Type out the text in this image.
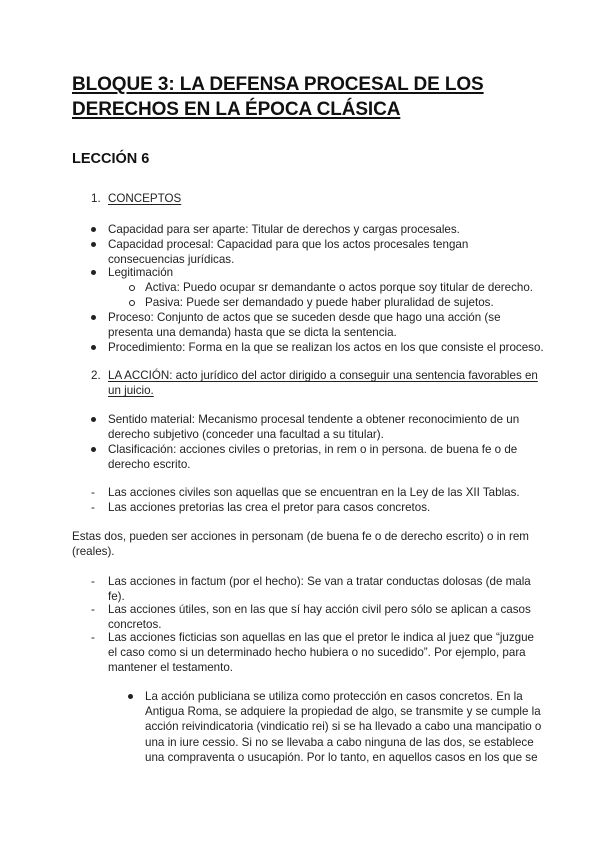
BLOQUE 3: LA DEFENSA PROCESAL DE LOS DERECHOS EN LA ÉPOCA CLÁSICA
LECCIÓN 6
1. CONCEPTOS
Capacidad para ser aparte: Titular de derechos y cargas procesales.
Capacidad procesal: Capacidad para que los actos procesales tengan
consecuencias jurídicas.
Legitimación
Activa: Puedo ocupar sr demandante o actos porque soy titular de derecho.
Pasiva: Puede ser demandado y puede haber pluralidad de sujetos.
Proceso: Conjunto de actos que se suceden desde que hago una acción (se
presenta una demanda) hasta que se dicta la sentencia.
Procedimiento: Forma en la que se realizan los actos en los que consiste el proceso.
2. LA ACCIÓN: acto jurídico del actor dirigido a conseguir una sentencia favorables en
un juicio.
Sentido material: Mecanismo procesal tendente a obtener reconocimiento de un
derecho subjetivo (conceder una facultad a su titular).
Clasificación: acciones civiles o pretorias, in rem o in persona. de buena fe o de
derecho escrito.
- Las acciones civiles son aquellas que se encuentran en la Ley de las XII Tablas.
- Las acciones pretorias las crea el pretor para casos concretos.
Estas dos, pueden ser acciones in personam (de buena fe o de derecho escrito) o in rem
(reales).
- Las acciones in factum (por el hecho): Se van a tratar conductas dolosas (de mala
fe).
- Las acciones útiles, son en las que sí hay acción civil pero sólo se aplican a casos
concretos.
- Las acciones ficticias son aquellas en las que el pretor le indica al juez que “juzgue
el caso como si un determinado hecho hubiera o no sucedido”. Por ejemplo, para
mantener el testamento.
La acción publiciana se utiliza como protección en casos concretos. En la
Antigua Roma, se adquiere la propiedad de algo, se transmite y se cumple la
acción reivindicatoria (vindicatio rei) si se ha llevado a cabo una mancipatio o
una in iure cessio. Si no se llevaba a cabo ninguna de las dos, se establece
una compraventa o usucapión. Por lo tanto, en aquellos casos en los que se
